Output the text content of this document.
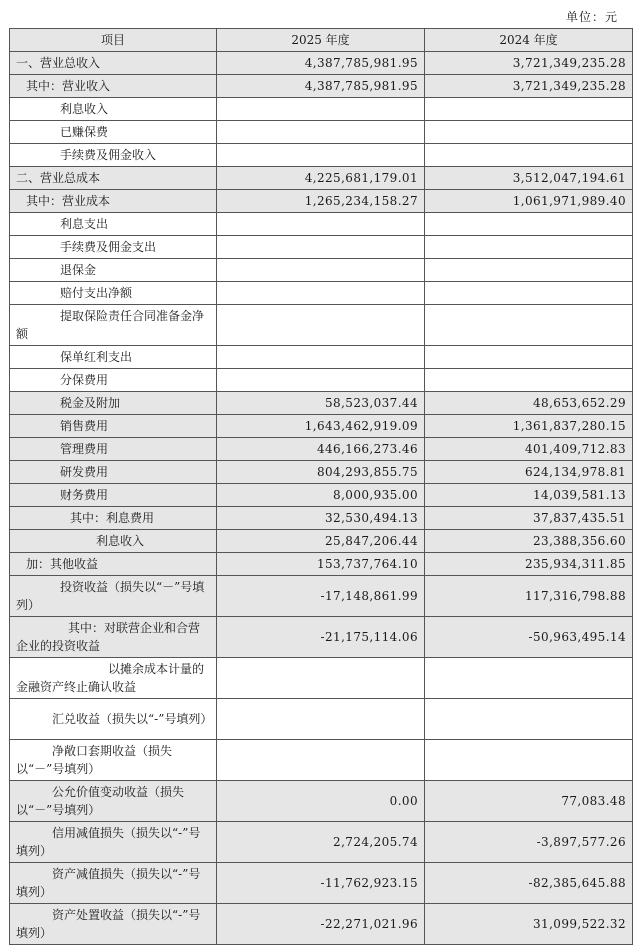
单位：元
项目	2025 年度	2024 年度
一、营业总收入	4,387,785,981.95	3,721,349,235.28
其中：营业收入	4,387,785,981.95	3,721,349,235.28
利息收入		
已赚保费		
手续费及佣金收入		
二、营业总成本	4,225,681,179.01	3,512,047,194.61
其中：营业成本	1,265,234,158.27	1,061,971,989.40
利息支出		
手续费及佣金支出		
退保金		
赔付支出净额		
提取保险责任合同准备金净额		
保单红利支出		
分保费用		
税金及附加	58,523,037.44	48,653,652.29
销售费用	1,643,462,919.09	1,361,837,280.15
管理费用	446,166,273.46	401,409,712.83
研发费用	804,293,855.75	624,134,978.81
财务费用	8,000,935.00	14,039,581.13
其中：利息费用	32,530,494.13	37,837,435.51
利息收入	25,847,206.44	23,388,356.60
加：其他收益	153,737,764.10	235,934,311.85
投资收益（损失以“－”号填列）	-17,148,861.99	117,316,798.88
其中：对联营企业和合营企业的投资收益	-21,175,114.06	-50,963,495.14
以摊余成本计量的金融资产终止确认收益		
汇兑收益（损失以“-”号填列）		
净敞口套期收益（损失以“－”号填列）		
公允价值变动收益（损失以“－”号填列）	0.00	77,083.48
信用减值损失（损失以“-”号填列）	2,724,205.74	-3,897,577.26
资产减值损失（损失以“-”号填列）	-11,762,923.15	-82,385,645.88
资产处置收益（损失以“-”号填列）	-22,271,021.96	31,099,522.32
